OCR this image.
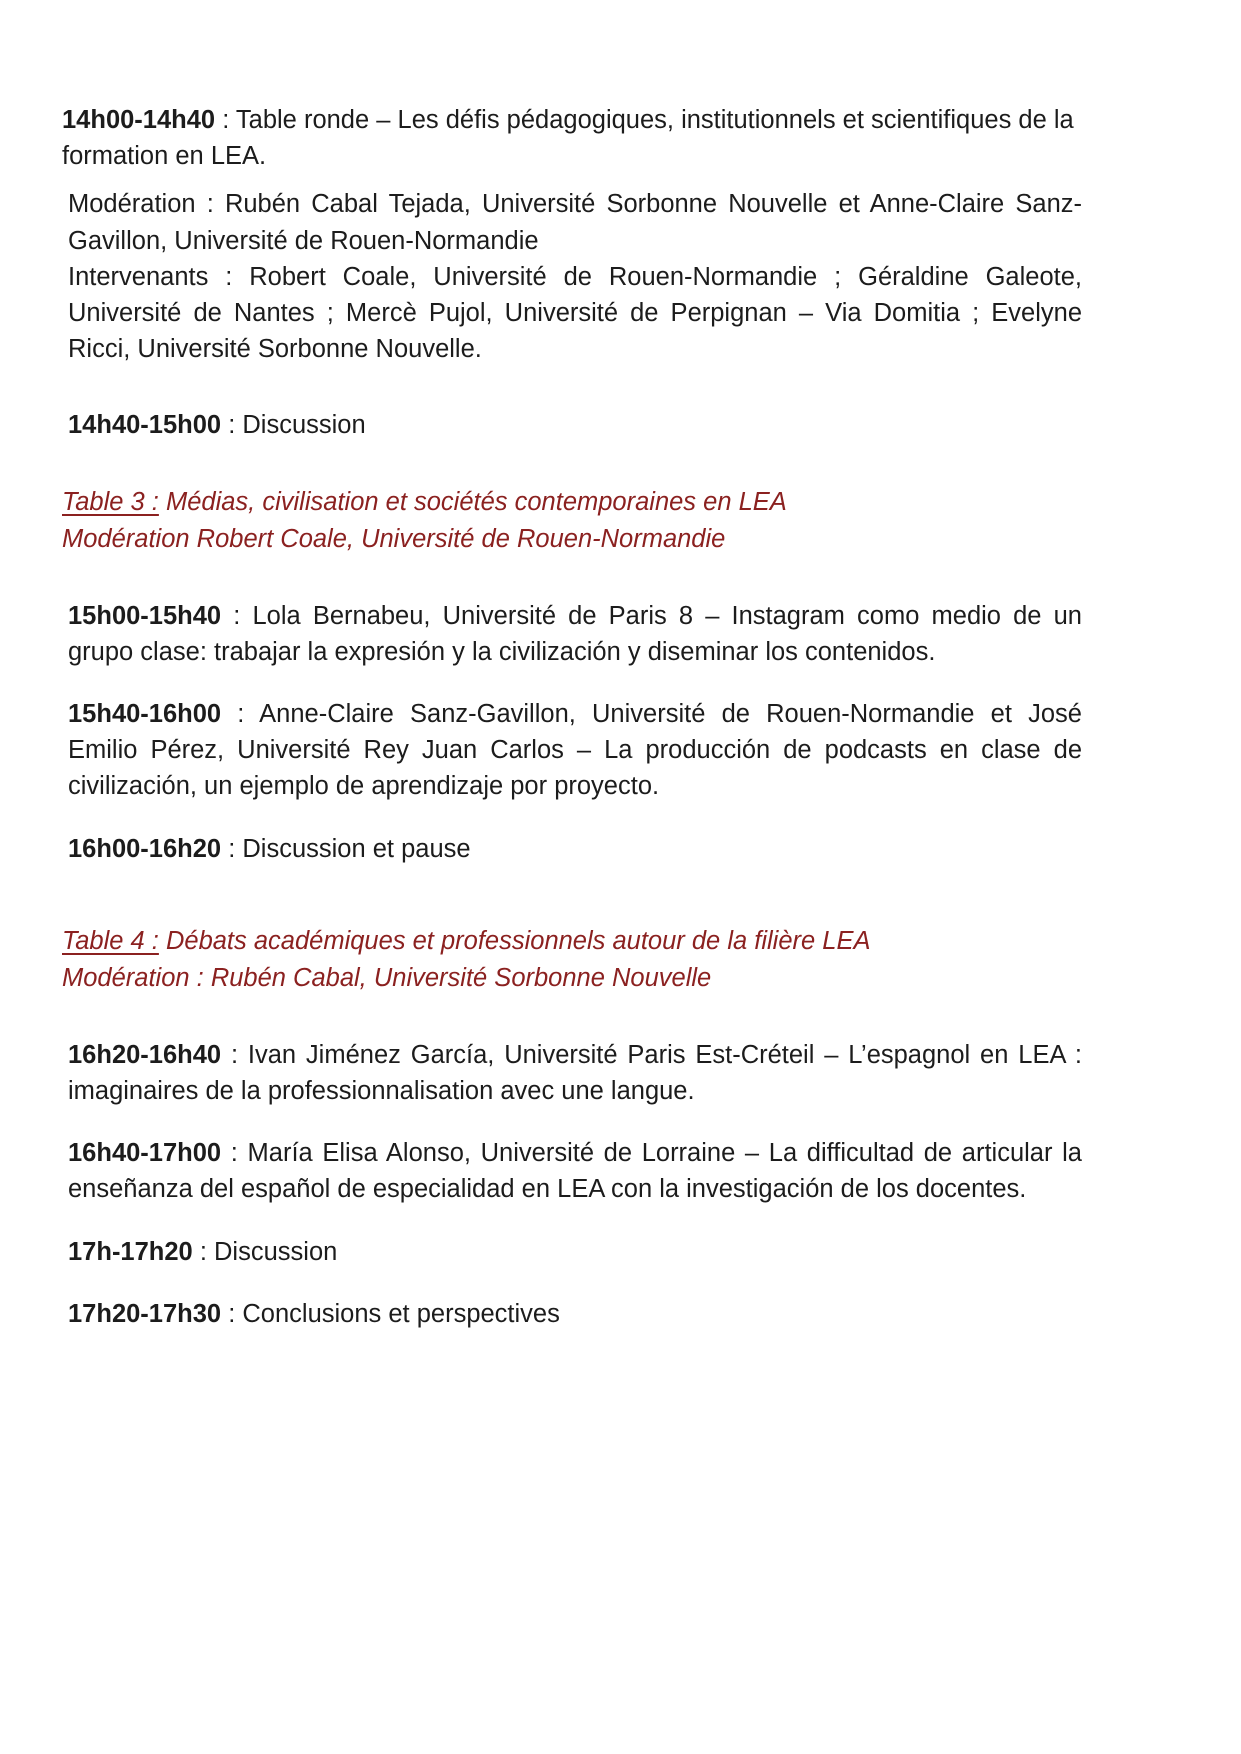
14h00-14h40 : Table ronde – Les défis pédagogiques, institutionnels et scientifiques de la formation en LEA.

Modération : Rubén Cabal Tejada, Université Sorbonne Nouvelle et Anne-Claire Sanz-Gavillon, Université de Rouen-Normandie

Intervenants : Robert Coale, Université de Rouen-Normandie ; Géraldine Galeote, Université de Nantes ; Mercè Pujol, Université de Perpignan – Via Domitia ; Evelyne Ricci, Université Sorbonne Nouvelle.

14h40-15h00 : Discussion

Table 3 : Médias, civilisation et sociétés contemporaines en LEA
Modération Robert Coale, Université de Rouen-Normandie

15h00-15h40 : Lola Bernabeu, Université de Paris 8 – Instagram como medio de un grupo clase: trabajar la expresión y la civilización y diseminar los contenidos.

15h40-16h00 : Anne-Claire Sanz-Gavillon, Université de Rouen-Normandie et José Emilio Pérez, Université Rey Juan Carlos – La producción de podcasts en clase de civilización, un ejemplo de aprendizaje por proyecto.

16h00-16h20 : Discussion et pause

Table 4 : Débats académiques et professionnels autour de la filière LEA
Modération : Rubén Cabal, Université Sorbonne Nouvelle

16h20-16h40 : Ivan Jiménez García, Université Paris Est-Créteil – L’espagnol en LEA : imaginaires de la professionnalisation avec une langue.

16h40-17h00 : María Elisa Alonso, Université de Lorraine – La difficultad de articular la enseñanza del español de especialidad en LEA con la investigación de los docentes.

17h-17h20 : Discussion

17h20-17h30 : Conclusions et perspectives
